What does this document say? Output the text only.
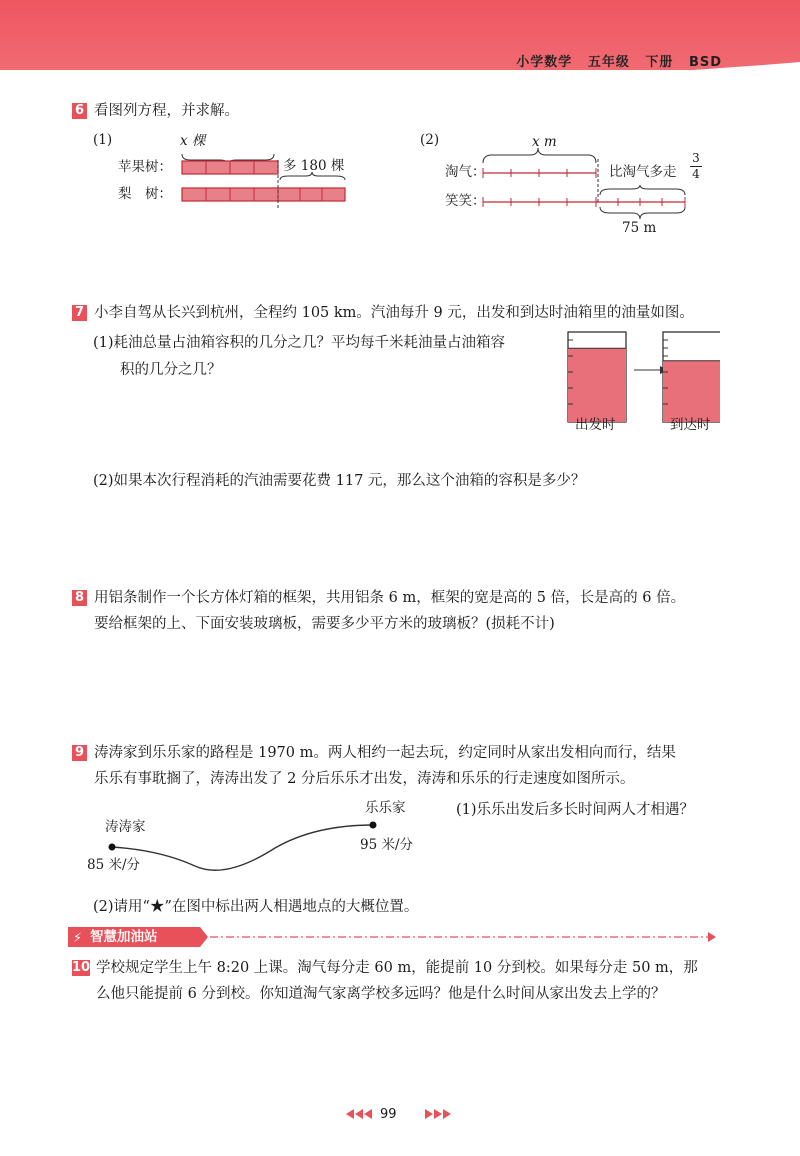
小学数学 五年级 下册 BSD
6 看图列方程，并求解。
(1)	x 棵
苹果树：
梨　树：
多 180 棵
(2)	x m
淘气：
笑笑：
比淘气多走 $\frac{3}{4}$
75 m
7 小李自驾从长兴到杭州，全程约 105 km。汽油每升 9 元，出发和到达时油箱里的油量如图。
(1)耗油总量占油箱容积的几分之几？平均每千米耗油量占油箱容
积的几分之几？
出发时	到达时
(2)如果本次行程消耗的汽油需要花费 117 元，那么这个油箱的容积是多少？
8 用铝条制作一个长方体灯箱的框架，共用铝条 6 m，框架的宽是高的 5 倍，长是高的 6 倍。
要给框架的上、下面安装玻璃板，需要多少平方米的玻璃板？(损耗不计)
9 涛涛家到乐乐家的路程是 1970 m。两人相约一起去玩，约定同时从家出发相向而行，结果
乐乐有事耽搁了，涛涛出发了 2 分后乐乐才出发，涛涛和乐乐的行走速度如图所示。
涛涛家
85 米/分
乐乐家
95 米/分
(1)乐乐出发后多长时间两人才相遇？
(2)请用“★”在图中标出两人相遇地点的大概位置。
⚡ 智慧加油站
10 学校规定学生上午 8:20 上课。淘气每分走 60 m，能提前 10 分到校。如果每分走 50 m，那
么他只能提前 6 分到校。你知道淘气家离学校多远吗？他是什么时间从家出发去上学的？
99
